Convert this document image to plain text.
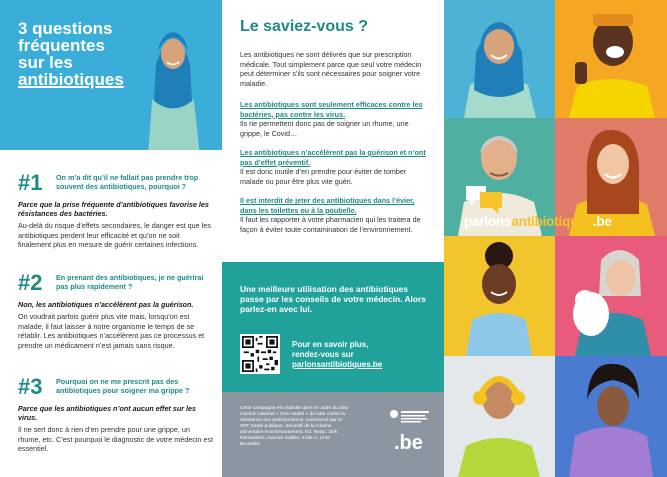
3 questions
fréquentes
sur les
antibiotiques
#1	On m’a dit qu’il ne fallait pas prendre trop souvent des antibiotiques, pourquoi ?
Parce que la prise fréquente d’antibiotiques favorise les résistances des bactéries.
Au-delà du risque d’effets secondaires, le danger est que les antibiotiques perdent leur efficacité et qu’on ne soit finalement plus en mesure de guérir certaines infections.
#2	En prenant des antibiotiques, je ne guérirai pas plus rapidement ?
Non, les antibiotiques n’accélèrent pas la guérison.
On voudrait parfois guérir plus vite mais, lorsqu’on est malade, il faut laisser à notre organisme le temps de se rétablir. Les antibiotiques n’accélèrent pas ce processus et prendre un médicament n’est jamais sans risque.
#3	Pourquoi on ne me prescrit pas des antibiotiques pour soigner ma grippe ?
Parce que les antibiotiques n’ont aucun effet sur les virus.
Il ne sert donc à rien d’en prendre pour une grippe, un rhume, etc. C’est pourquoi le diagnostic de votre médecin est essentiel.
Le saviez-vous ?
Les antibiotiques ne sont délivrés que sur prescription médicale. Tout simplement parce que seul votre médecin peut déterminer s’ils sont nécessaires pour soigner votre maladie.
Les antibiotiques sont seulement efficaces contre les bactéries, pas contre les virus.
Ils ne permettent donc pas de soigner un rhume, une grippe, le Covid…
Les antibiotiques n’accélèrent pas la guérison et n’ont pas d’effet préventif.
Il est donc inutile d’en prendre pour éviter de tomber malade ou pour être plus vite guéri.
Il est interdit de jeter des antibiotiques dans l’évier, dans les toilettes ou à la poubelle.
Il faut les rapporter à votre pharmacien qui les traitera de façon à éviter toute contamination de l’environnement.
Une meilleure utilisation des antibiotiques passe par les conseils de votre médecin. Alors parlez-en avec lui.
Pour en savoir plus,
rendez-vous sur
parlonsantibiotiques.be
Cette campagne est réalisée dans le cadre du plan d’action national « One Health » de lutte contre la résistance aux antimicrobiens, coordonné par le SPF Santé publique, Sécurité de la Chaîne alimentaire et Environnement. Ed. Resp.: Dirk Ramaekers, Avenue Galilée, 5 bte 2, 1210 Bruxelles	.be
parlonsantibiotiques.be
